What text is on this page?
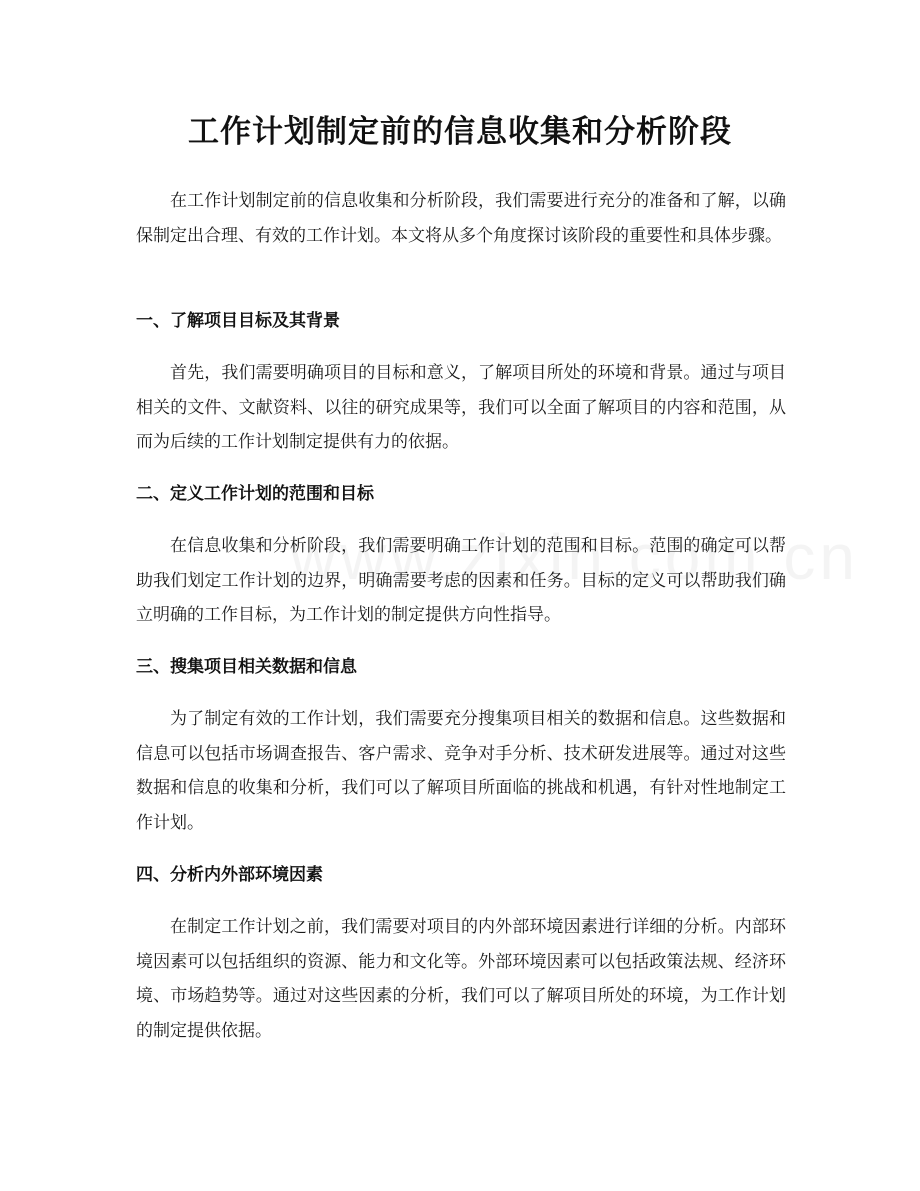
工作计划制定前的信息收集和分析阶段

在工作计划制定前的信息收集和分析阶段，我们需要进行充分的准备和了解，以确保制定出合理、有效的工作计划。本文将从多个角度探讨该阶段的重要性和具体步骤。

一、了解项目目标及其背景

首先，我们需要明确项目的目标和意义，了解项目所处的环境和背景。通过与项目相关的文件、文献资料、以往的研究成果等，我们可以全面了解项目的内容和范围，从而为后续的工作计划制定提供有力的依据。

二、定义工作计划的范围和目标

在信息收集和分析阶段，我们需要明确工作计划的范围和目标。范围的确定可以帮助我们划定工作计划的边界，明确需要考虑的因素和任务。目标的定义可以帮助我们确立明确的工作目标，为工作计划的制定提供方向性指导。

三、搜集项目相关数据和信息

为了制定有效的工作计划，我们需要充分搜集项目相关的数据和信息。这些数据和信息可以包括市场调查报告、客户需求、竞争对手分析、技术研发进展等。通过对这些数据和信息的收集和分析，我们可以了解项目所面临的挑战和机遇，有针对性地制定工作计划。

四、分析内外部环境因素

在制定工作计划之前，我们需要对项目的内外部环境因素进行详细的分析。内部环境因素可以包括组织的资源、能力和文化等。外部环境因素可以包括政策法规、经济环境、市场趋势等。通过对这些因素的分析，我们可以了解项目所处的环境，为工作计划的制定提供依据。
